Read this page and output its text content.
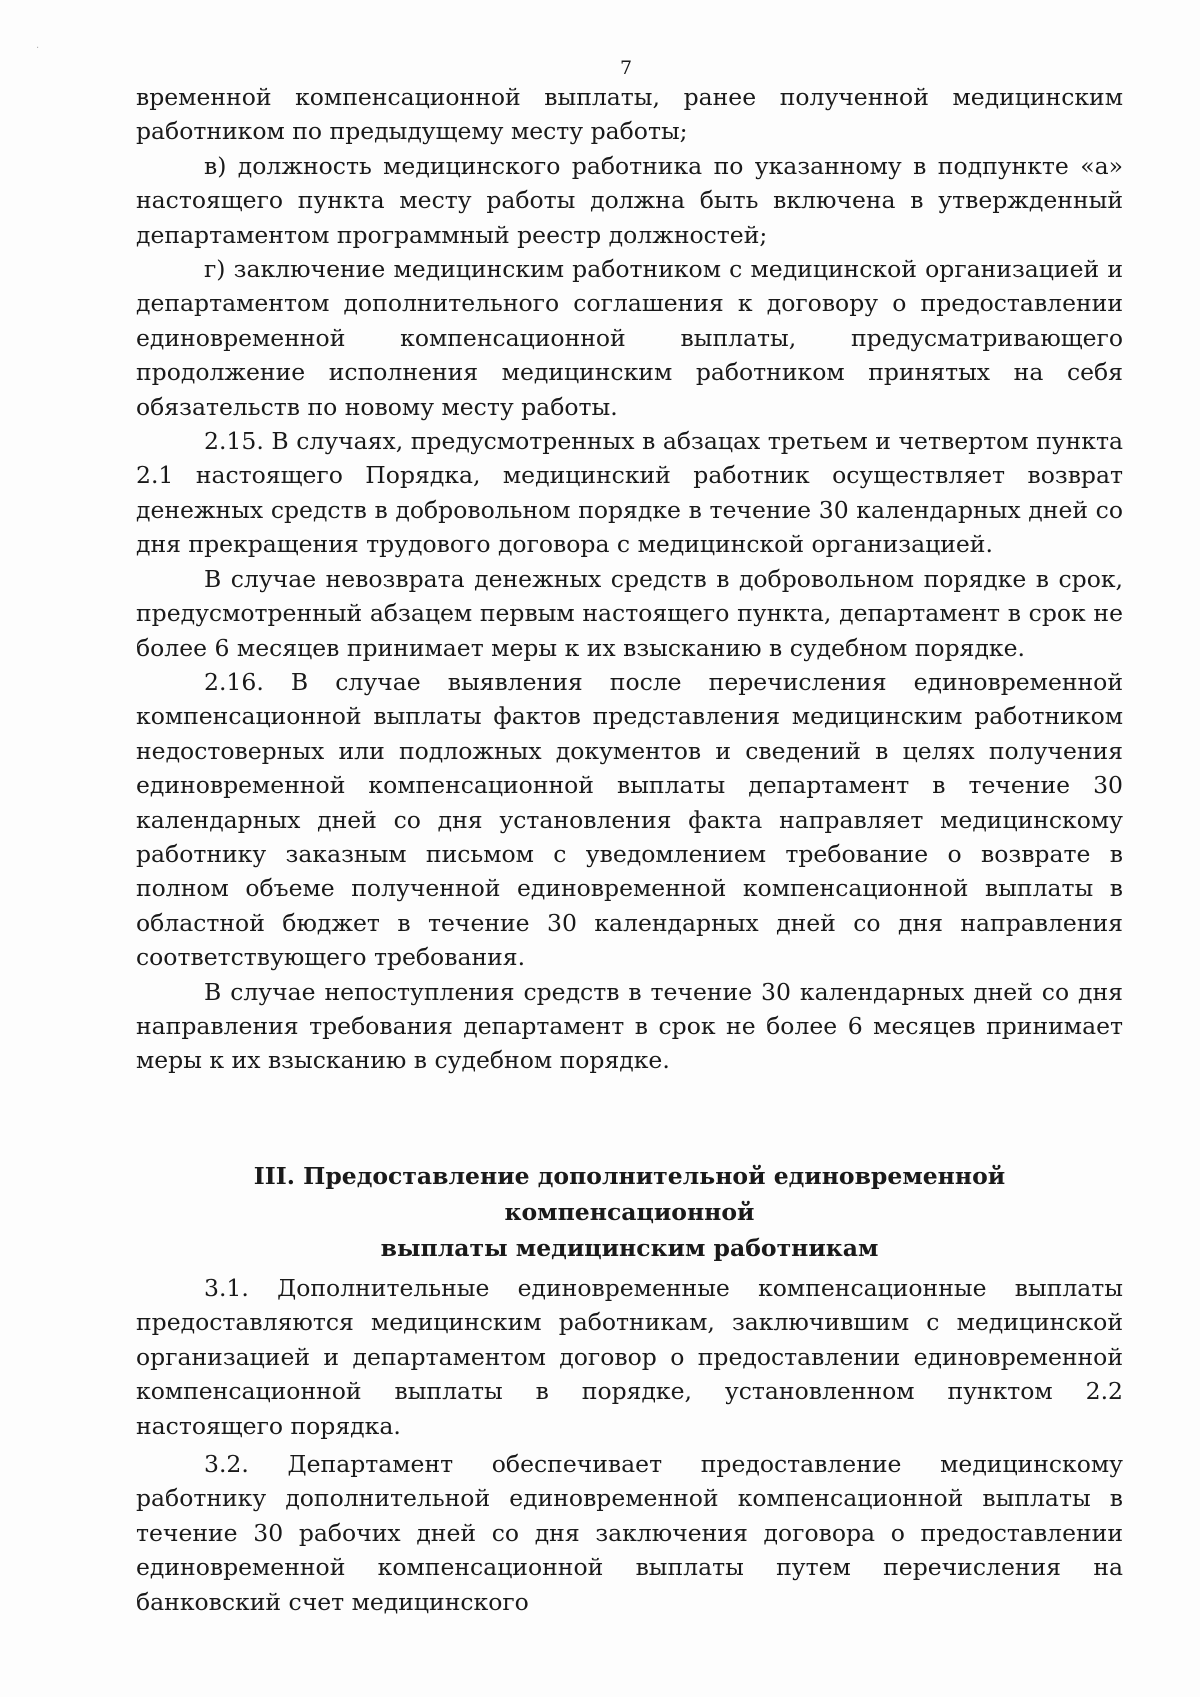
7

временной компенсационной выплаты, ранее полученной медицинским работником по предыдущему месту работы;

в) должность медицинского работника по указанному в подпункте «а» настоящего пункта месту работы должна быть включена в утвержденный департаментом программный реестр должностей;

г) заключение медицинским работником с медицинской организацией и департаментом дополнительного соглашения к договору о предоставлении единовременной компенсационной выплаты, предусматривающего продолжение исполнения медицинским работником принятых на себя обязательств по новому месту работы.

2.15. В случаях, предусмотренных в абзацах третьем и четвертом пункта 2.1 настоящего Порядка, медицинский работник осуществляет возврат денежных средств в добровольном порядке в течение 30 календарных дней со дня прекращения трудового договора с медицинской организацией.

В случае невозврата денежных средств в добровольном порядке в срок, предусмотренный абзацем первым настоящего пункта, департамент в срок не более 6 месяцев принимает меры к их взысканию в судебном порядке.

2.16. В случае выявления после перечисления единовременной компенсационной выплаты фактов представления медицинским работником недостоверных или подложных документов и сведений в целях получения единовременной компенсационной выплаты департамент в течение 30 календарных дней со дня установления факта направляет медицинскому работнику заказным письмом с уведомлением требование о возврате в полном объеме полученной единовременной компенсационной выплаты в областной бюджет в течение 30 календарных дней со дня направления соответствующего требования.

В случае непоступления средств в течение 30 календарных дней со дня направления требования департамент в срок не более 6 месяцев принимает меры к их взысканию в судебном порядке.

III. Предоставление дополнительной единовременной компенсационной
выплаты медицинским работникам

3.1. Дополнительные единовременные компенсационные выплаты предоставляются медицинским работникам, заключившим с медицинской организацией и департаментом договор о предоставлении единовременной компенсационной выплаты в порядке, установленном пунктом 2.2 настоящего порядка.

3.2. Департамент обеспечивает предоставление медицинскому работнику дополнительной единовременной компенсационной выплаты в течение 30 рабочих дней со дня заключения договора о предоставлении единовременной компенсационной выплаты путем перечисления на банковский счет медицинского

.
